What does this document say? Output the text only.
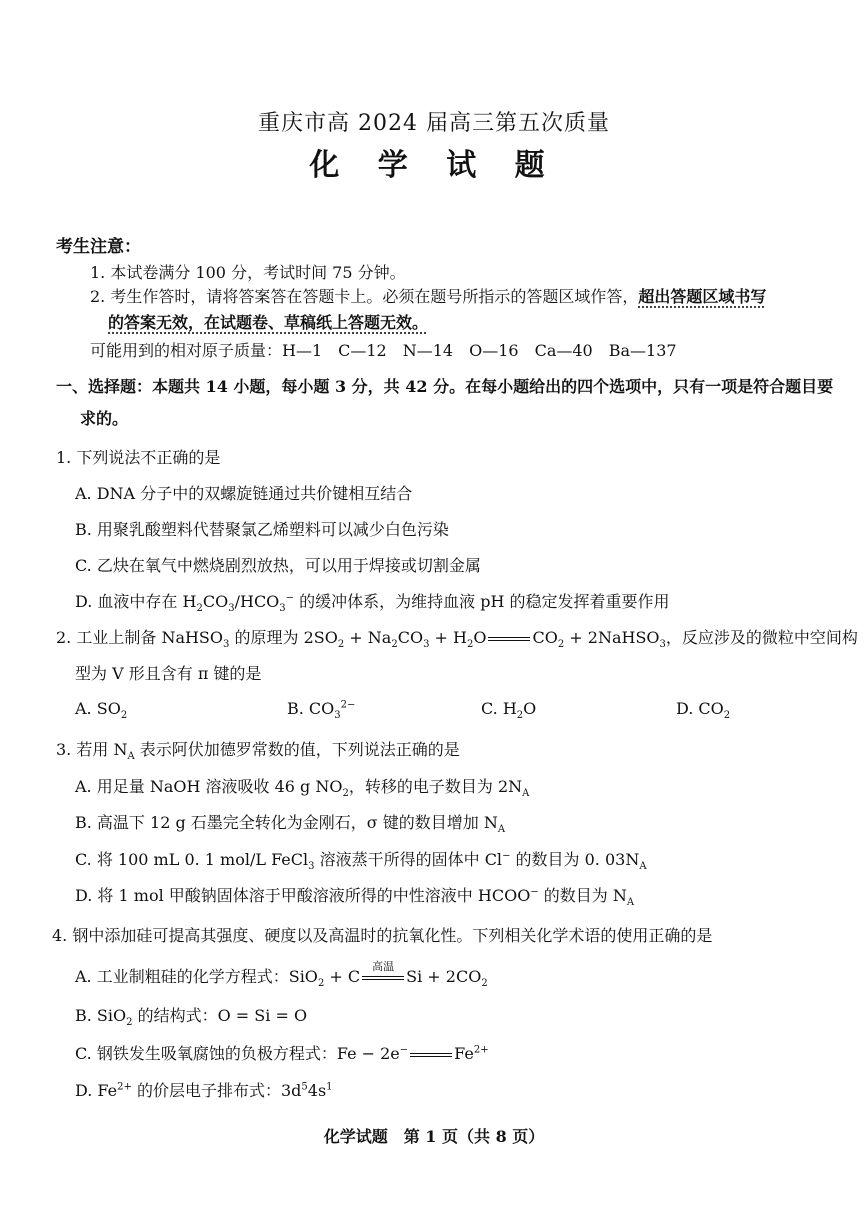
重庆市高 2024 届高三第五次质量
化 学 试 题
考生注意：
1. 本试卷满分 100 分，考试时间 75 分钟。
2. 考生作答时，请将答案答在答题卡上。必须在题号所指示的答题区域作答，超出答题区域书写
的答案无效，在试题卷、草稿纸上答题无效。
可能用到的相对原子质量：H—1　C—12　N—14　O—16　Ca—40　Ba—137
一、选择题：本题共 14 小题，每小题 3 分，共 42 分。在每小题给出的四个选项中，只有一项是符合题目要
求的。
1. 下列说法不正确的是
A. DNA 分子中的双螺旋链通过共价键相互结合
B. 用聚乳酸塑料代替聚氯乙烯塑料可以减少白色污染
C. 乙炔在氧气中燃烧剧烈放热，可以用于焊接或切割金属
D. 血液中存在 $H_2CO_3/HCO_3^-$ 的缓冲体系，为维持血液 pH 的稳定发挥着重要作用
2. 工业上制备 NaHSO$_3$ 的原理为 $2SO_2 + Na_2CO_3 + H_2O$	$CO_2$ + 2NaHSO$_3$，反应涉及的微粒中空间构
型为 V 形且含有 π 键的是
A. $SO_2$	B. $CO_3^{2-}$	C. $H_2O$	D. $CO_2$
3. 若用 $N_A$ 表示阿伏加德罗常数的值，下列说法正确的是
A. 用足量 NaOH 溶液吸收 46 g $NO_2$，转移的电子数目为 $2N_A$
B. 高温下 12 g 石墨完全转化为金刚石，σ 键的数目增加 $N_A$
C. 将 100 mL 0. 1 mol/L FeCl$_3$ 溶液蒸干所得的固体中 Cl− 的数目为 0. $03N_A$
D. 将 1 mol 甲酸钠固体溶于甲酸溶液所得的中性溶液中 HCOO− 的数目为 $N_A$
4. 钢中添加硅可提高其强度、硬度以及高温时的抗氧化性。下列相关化学术语的使用正确的是
A. 工业制粗硅的化学方程式：SiO$_2$ + C
高温
$Si + 2CO_2$
B. SiO$_2$ 的结构式：O = Si = O
C. 钢铁发生吸氧腐蚀的负极方程式：Fe − 2e−	$Fe^{2+}$
D. $Fe^{2+}$ 的价层电子排布式：$3d^54s^1$
化学试题　第 1 页（共 8 页）
